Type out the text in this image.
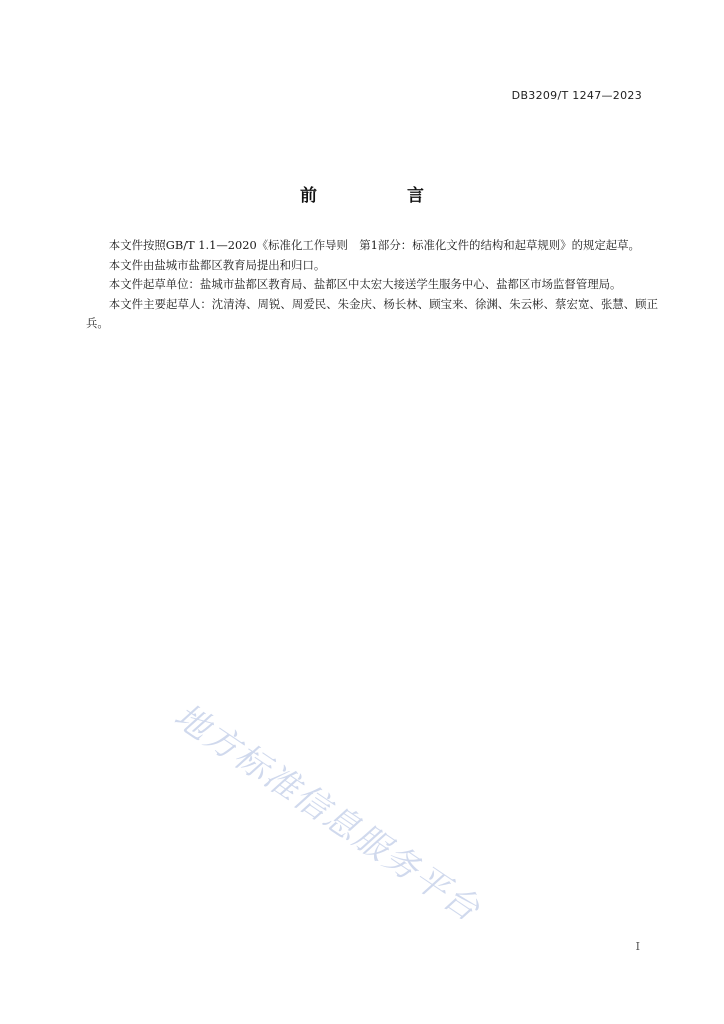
DB3209/T 1247—2023
前 言

本文件按照GB/T 1.1—2020《标准化工作导则　第1部分：标准化文件的结构和起草规则》的规定起草。

本文件由盐城市盐都区教育局提出和归口。

本文件起草单位：盐城市盐都区教育局、盐都区中太宏大接送学生服务中心、盐都区市场监督管理局。

本文件主要起草人：沈清涛、周锐、周爱民、朱金庆、杨长林、顾宝来、徐渊、朱云彬、蔡宏宽、张慧、顾正兵。

地方标准信息服务平台
I
